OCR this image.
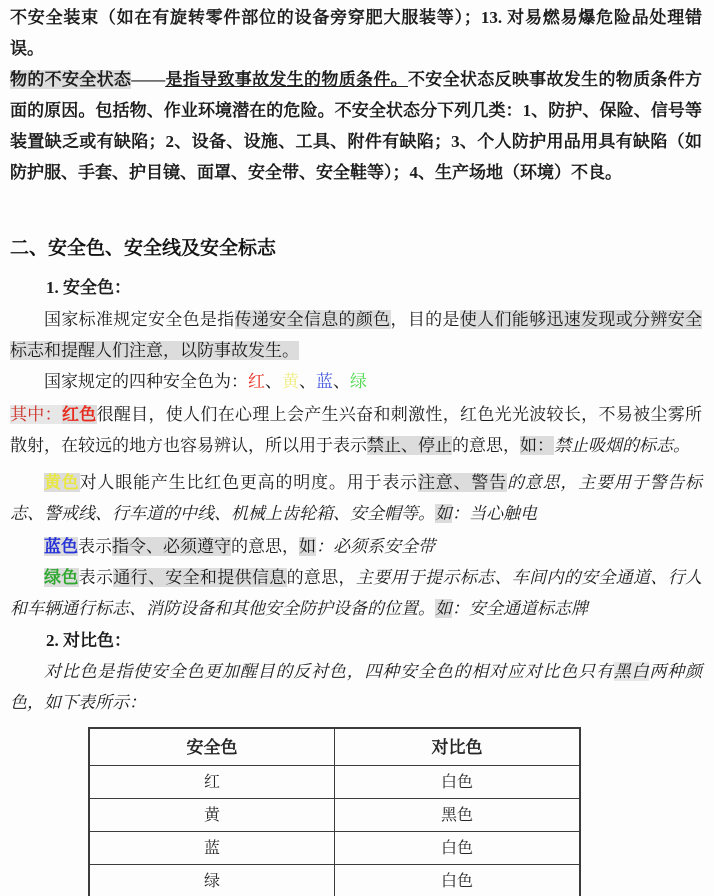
不安全装束（如在有旋转零件部位的设备旁穿肥大服装等）；13. 对易燃易爆危险品处理错误。

物的不安全状态——是指导致事故发生的物质条件。不安全状态反映事故发生的物质条件方面的原因。包括物、作业环境潜在的危险。不安全状态分下列几类：1、防护、保险、信号等装置缺乏或有缺陷；2、设备、设施、工具、附件有缺陷；3、个人防护用品用具有缺陷（如防护服、手套、护目镜、面罩、安全带、安全鞋等）；4、生产场地（环境）不良。

二、安全色、安全线及安全标志

1. 安全色：

国家标准规定安全色是指传递安全信息的颜色，目的是使人们能够迅速发现或分辨安全标志和提醒人们注意，以防事故发生。

国家规定的四种安全色为：红、黄、蓝、绿

其中：红色很醒目，使人们在心理上会产生兴奋和刺激性，红色光光波较长，不易被尘雾所散射，在较远的地方也容易辨认，所以用于表示禁止、停止的意思，如：禁止吸烟的标志。

黄色对人眼能产生比红色更高的明度。用于表示注意、警告的意思，主要用于警告标志、警戒线、行车道的中线、机械上齿轮箱、安全帽等。如：当心触电

蓝色表示指令、必须遵守的意思，如：必须系安全带

绿色表示通行、安全和提供信息的意思，主要用于提示标志、车间内的安全通道、行人和车辆通行标志、消防设备和其他安全防护设备的位置。如：安全通道标志牌

2. 对比色：

对比色是指使安全色更加醒目的反衬色，四种安全色的相对应对比色只有黑白两种颜色，如下表所示：

安全色	对比色
红	白色
黄	黑色
蓝	白色
绿	白色
